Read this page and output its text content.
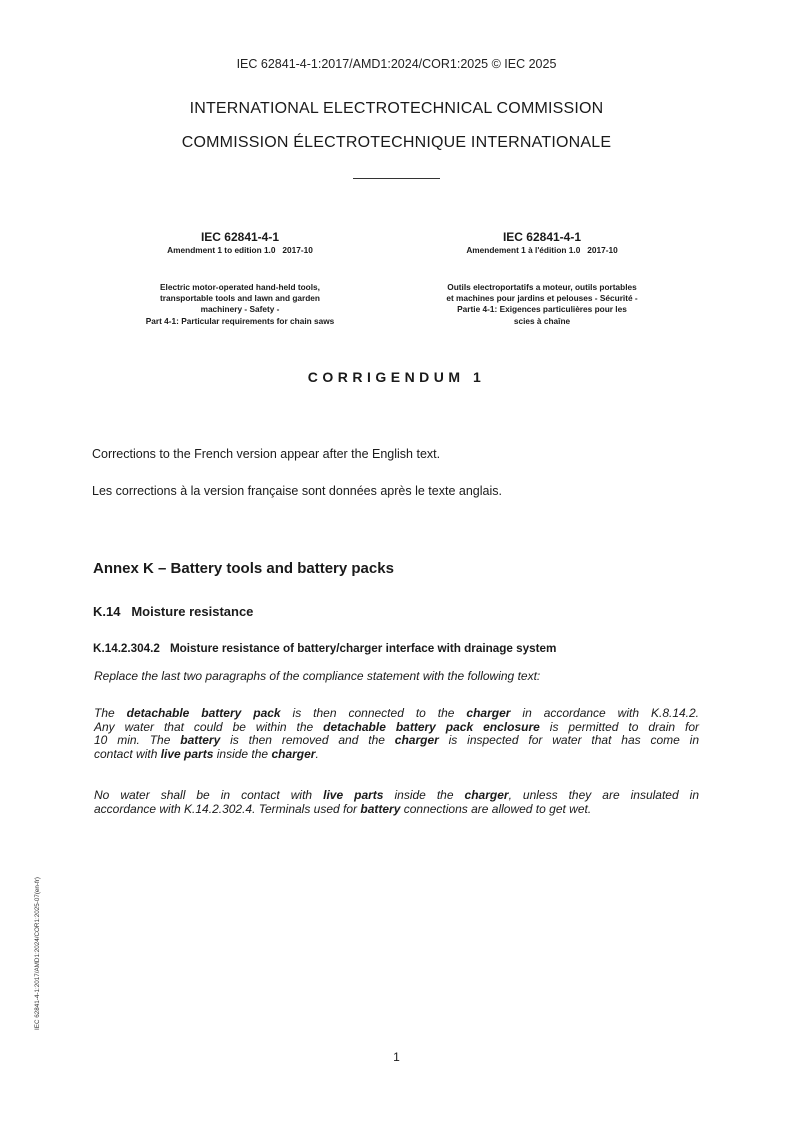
IEC 62841-4-1:2017/AMD1:2024/COR1:2025 © IEC 2025
INTERNATIONAL ELECTROTECHNICAL COMMISSION
COMMISSION ÉLECTROTECHNIQUE INTERNATIONALE
IEC 62841-4-1
Amendment 1 to edition 1.0   2017-10
Electric motor-operated hand-held tools,
transportable tools and lawn and garden
machinery - Safety -
Part 4-1: Particular requirements for chain saws
IEC 62841-4-1
Amendement 1 à l'édition 1.0   2017-10
Outils electroportatifs a moteur, outils portables
et machines pour jardins et pelouses - Sécurité -
Partie 4-1: Exigences particulières pour les
scies à chaîne
CORRIGENDUM 1
Corrections to the French version appear after the English text.
Les corrections à la version française sont données après le texte anglais.
Annex K – Battery tools and battery packs
K.14 Moisture resistance
K.14.2.304.2 Moisture resistance of battery/charger interface with drainage system
Replace the last two paragraphs of the compliance statement with the following text:
The detachable battery pack is then connected to the charger in accordance with K.8.14.2.
Any water that could be within the detachable battery pack enclosure is permitted to drain for
10 min. The battery is then removed and the charger is inspected for water that has come in
contact with live parts inside the charger.
No water shall be in contact with live parts inside the charger, unless they are insulated in
accordance with K.14.2.302.4. Terminals used for battery connections are allowed to get wet.
IEC 62841-4-1:2017/AMD1:2024/COR1:2025-07(en-fr)
1
